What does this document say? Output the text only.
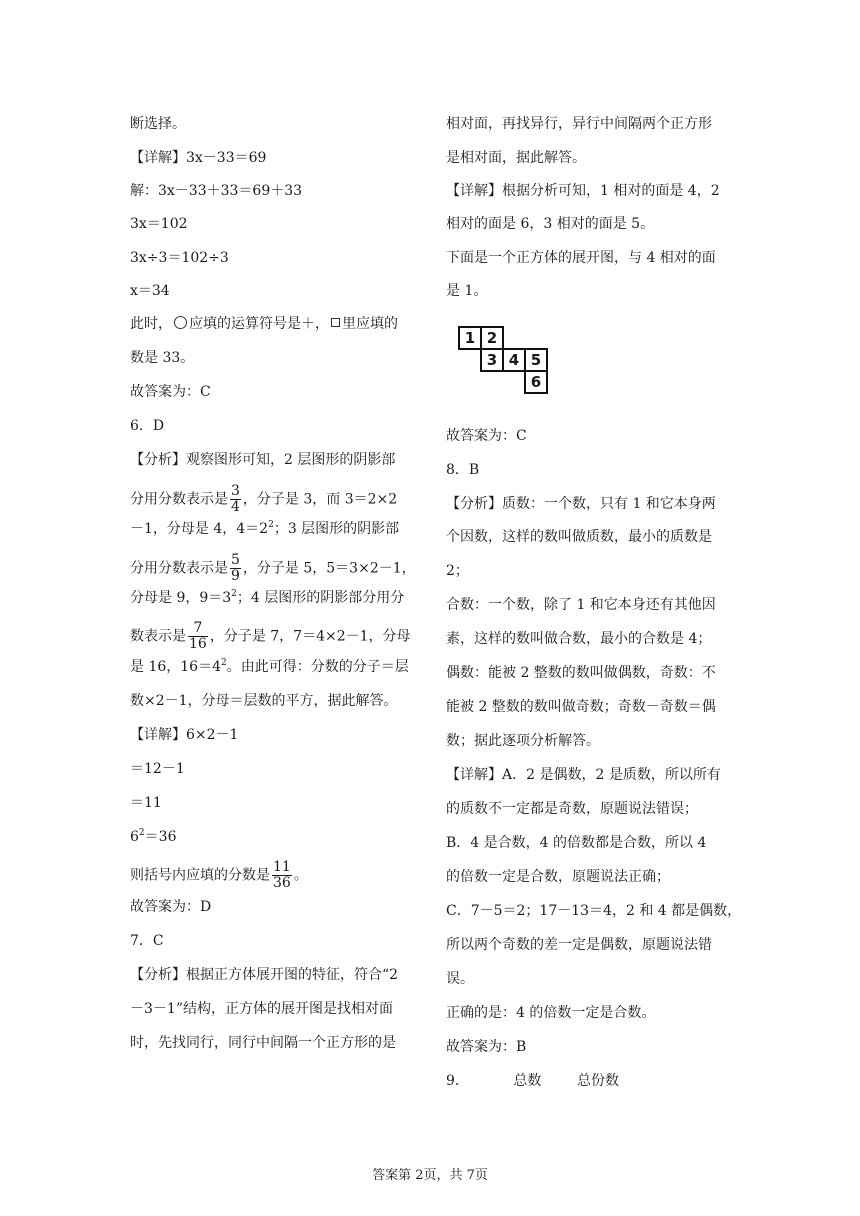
断选择。
【详解】3x－33＝69
解：3x－33＋33＝69＋33
3x＝102
3x÷3＝102÷3
x＝34
此时， 应填的运算符号是＋， 里应填的
数是 33。
故答案为：C
6．D
【分析】观察图形可知，2 层图形的阴影部
分用分数表示是 $\frac{3}{4}$ ，分子是 3，而 3＝2×2
－1，分母是 4，$4=2^2$；3 层图形的阴影部
分用分数表示是 $\frac{5}{9}$ ，分子是 5，5＝3×2－1，
分母是 9，$9=3^2$；4 层图形的阴影部分用分
数表示是 $\frac{7}{16}$ ，分子是 7，7＝4×2－1，分母
是 16，$16=4^2$。由此可得：分数的分子＝层
数×2－1，分母＝层数的平方，据此解答。
【详解】6×2－1
＝12－1
＝11
$6^2=36$
则括号内应填的分数是 $\frac{11}{36}$ 。
故答案为：D
7．C
【分析】根据正方体展开图的特征，符合“2
－3－1”结构，正方体的展开图是找相对面
时，先找同行，同行中间隔一个正方形的是
相对面，再找异行，异行中间隔两个正方形
是相对面，据此解答。
【详解】根据分析可知，1 相对的面是 4，2
相对的面是 6，3 相对的面是 5。
下面是一个正方体的展开图，与 4 相对的面
是 1。
1 2
3 4 5
6
故答案为：C
8．B
【分析】质数：一个数，只有 1 和它本身两
个因数，这样的数叫做质数，最小的质数是
2；
合数：一个数，除了 1 和它本身还有其他因
素，这样的数叫做合数，最小的合数是 4；
偶数：能被 2 整数的数叫做偶数，奇数：不
能被 2 整数的数叫做奇数；奇数－奇数＝偶
数；据此逐项分析解答。
【详解】A．2 是偶数，2 是质数，所以所有
的质数不一定都是奇数，原题说法错误；
B．4 是合数，4 的倍数都是合数，所以 4
的倍数一定是合数，原题说法正确；
C．7－5＝2；17－13＝4，2 和 4 都是偶数，
所以两个奇数的差一定是偶数，原题说法错
误。
正确的是：4 的倍数一定是合数。
故答案为：B
9．          总数        总份数
答案第 2页，共 7页
